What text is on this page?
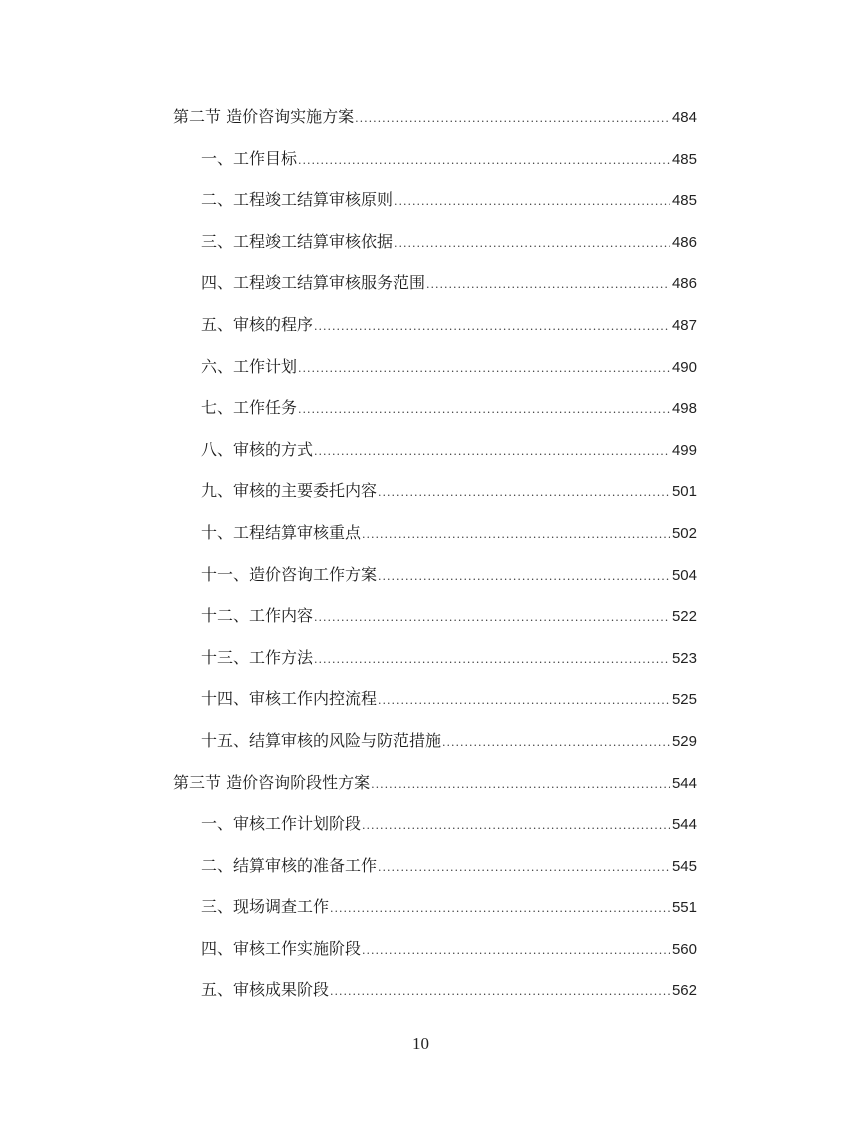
第二节 造价咨询实施方案 .....	484
一、工作目标 .....	485
二、工程竣工结算审核原则 .....	485
三、工程竣工结算审核依据 .....	486
四、工程竣工结算审核服务范围 .....	486
五、审核的程序 .....	487
六、工作计划 .....	490
七、工作任务 .....	498
八、审核的方式 .....	499
九、审核的主要委托内容 .....	501
十、工程结算审核重点 .....	502
十一、造价咨询工作方案 .....	504
十二、工作内容 .....	522
十三、工作方法 .....	523
十四、审核工作内控流程 .....	525
十五、结算审核的风险与防范措施 .....	529
第三节 造价咨询阶段性方案 .....	544
一、审核工作计划阶段 .....	544
二、结算审核的准备工作 .....	545
三、现场调查工作 .....	551
四、审核工作实施阶段 .....	560
五、审核成果阶段 .....	562
10
